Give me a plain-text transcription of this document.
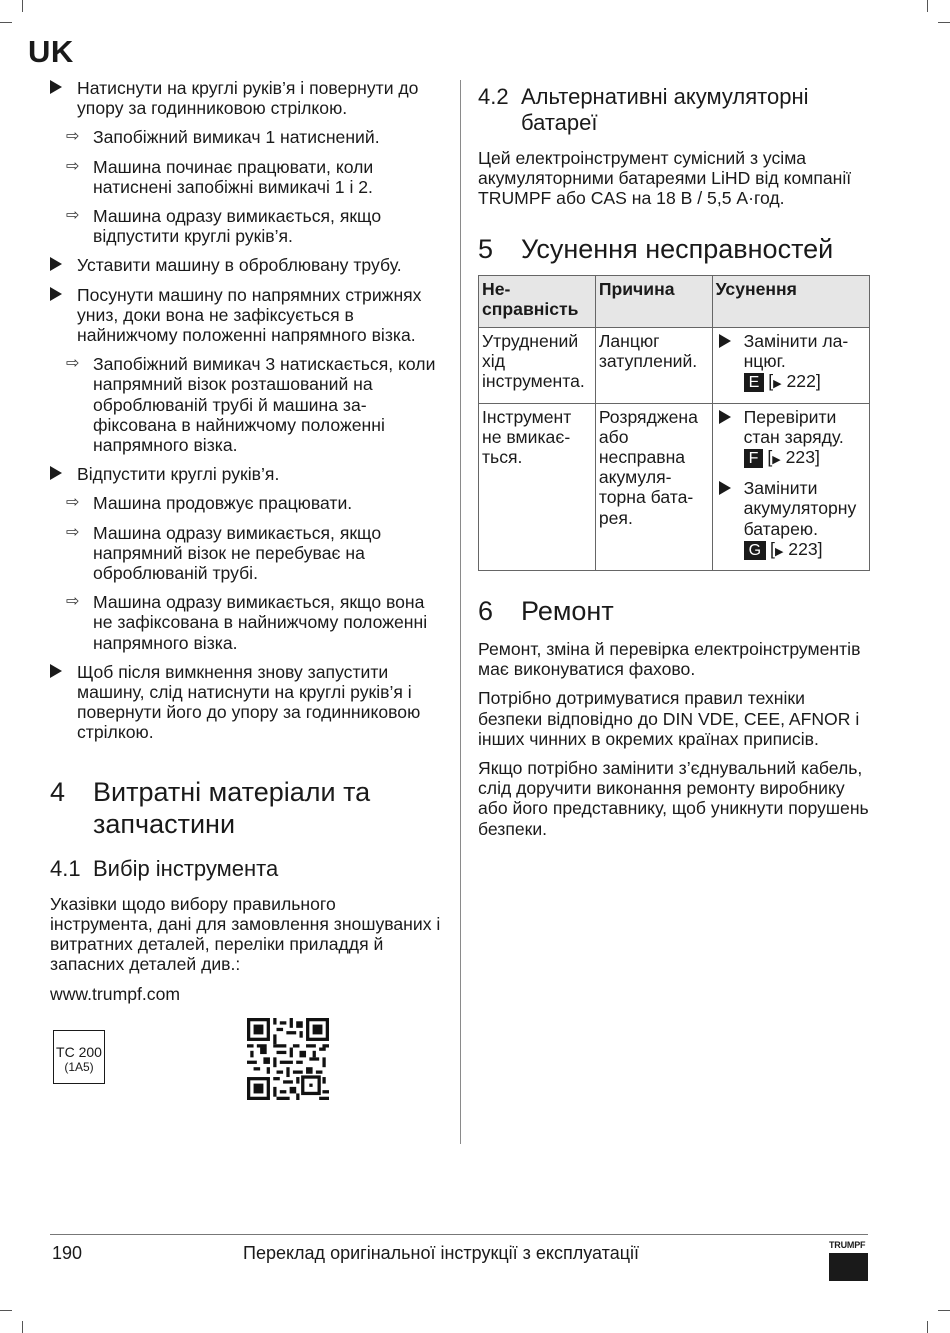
UK
Натиснути на круглі руків’я і повернути до упору за годинниковою стрілкою.
⇨ Запобіжний вимикач 1 натиснений.
⇨ Машина починає працювати, коли натиснені запобіжні вимикачі 1 і 2.
⇨ Машина одразу вимикається, якщо відпустити круглі руків’я.
Уставити машину в оброблювану трубу.
Посунути машину по напрямних стрижнях униз, доки вона не зафіксується в найнижчому положенні напрямного візка.
⇨ Запобіжний вимикач 3 натискається, коли напрямний візок розташований на оброблюваній трубі й машина зафіксована в найнижчому положенні напрямного візка.
Відпустити круглі руків’я.
⇨ Машина продовжує працювати.
⇨ Машина одразу вимикається, якщо напрямний візок не перебуває на оброблюваній трубі.
⇨ Машина одразу вимикається, якщо вона не зафіксована в найнижчому положенні напрямного візка.
Щоб після вимкнення знову запустити машину, слід натиснути на круглі руків’я і повернути його до упору за годинниковою стрілкою.
4 Витратні матеріали та запчастини
4.1 Вибір інструмента

Указівки щодо вибору правильного інструмента, дані для замовлення зношуваних і витратних деталей, переліки приладдя й запасних деталей див.:

www.trumpf.com

TC 200
(1A5)
4.2 Альтернативні акумуляторні батареї

Цей електроінструмент сумісний з усіма акумуляторними батареями LiHD від компанії TRUMPF або CAS на 18 В / 5,5 А·год.

5 Усунення несправностей
Несправність	Причина	Усунення
Утруднений хід інструмента.	Ланцюг затуплений.	Замінити ланцюг.
E [▶ 222]

Інструмент не вмикається.	Розряджена або несправна акумуляторна батарея.	Перевірити стан заряду.
F [▶ 223]
Замінити акумуляторну батарею.
G [▶ 223]
6 Ремонт

Ремонт, зміна й перевірка електроінструментів має виконуватися фахово.

Потрібно дотримуватися правил техніки безпеки відповідно до DIN VDE, CEE, AFNOR і інших чинних в окремих країнах приписів.

Якщо потрібно замінити з’єднувальний кабель, слід доручити виконання ремонту виробнику або його представнику, щоб уникнути порушень безпеки.

190	Переклад оригінальної інструкції з експлуатації	TRUMPF
